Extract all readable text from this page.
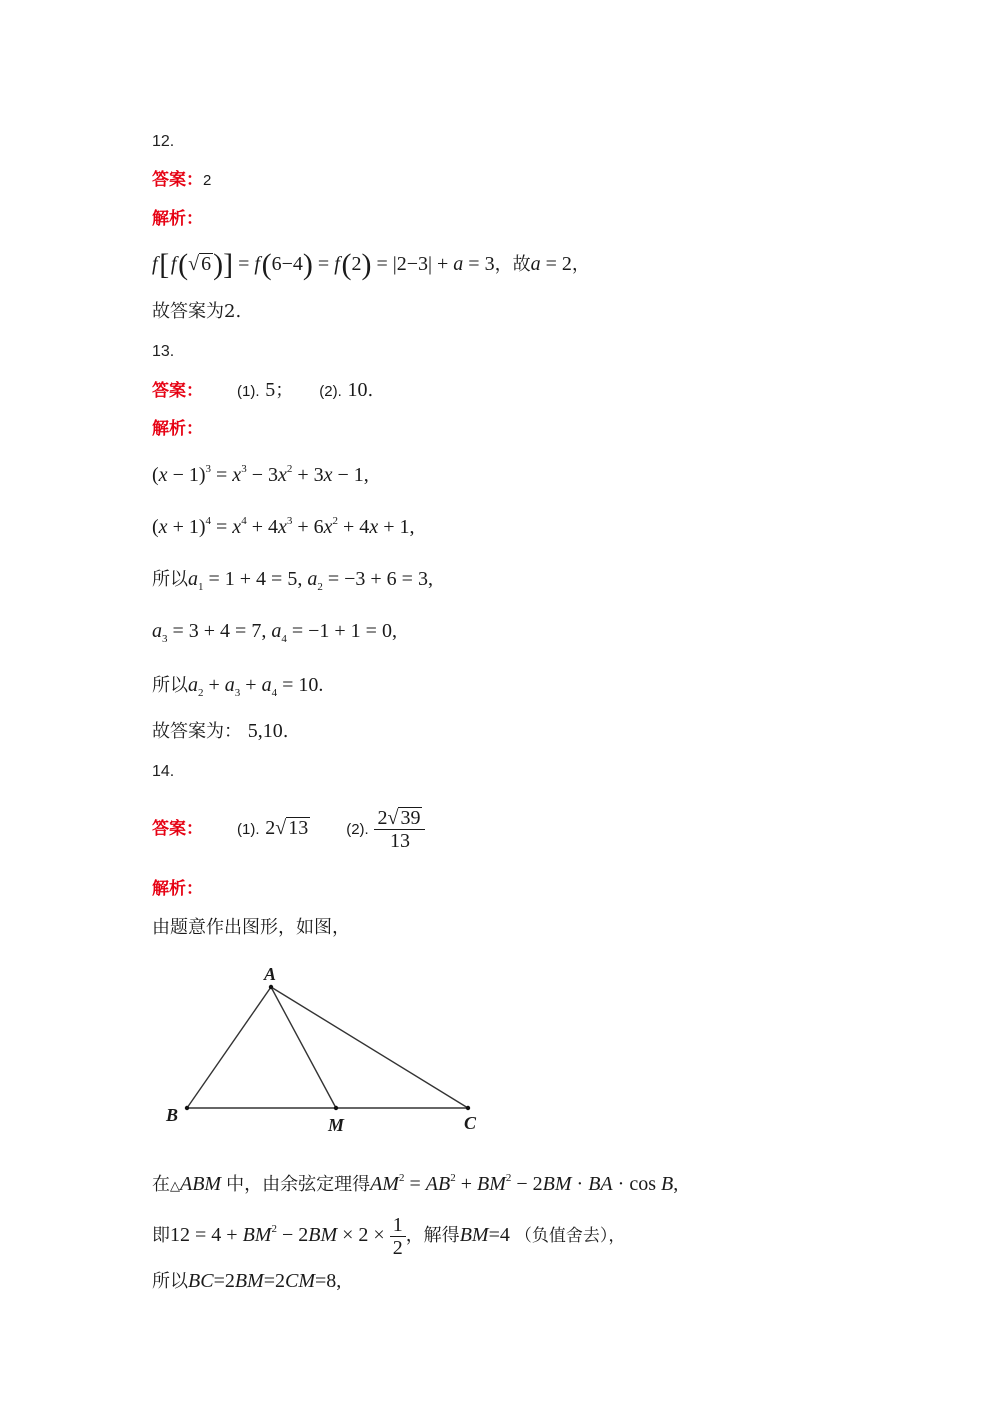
12.
答案：2
解析：
f [ f (√ 6)] = f (6−4) = f (2) = |2−3| + a = 3，故a = 2，
故答案为2.
13.
答案： (1). 5； (2). 10.
解析：
$(x - 1)^3 = x^3 - 3x^2 + 3x - 1$,
$(x + 1)^4 = x^4 + 4x^3 + 6x^2 + 4x + 1$,
所以$a_1 = 1 + 4 = 5$, $a_2 = -3 + 6 = 3$,
$a_3 = 3 + 4 = 7$, $a_4 = -1 + 1 = 0$,
所以$a_2 + a_3 + a_4 = 10$.
故答案为： 5,10.
14.
答案： (1). 2√ 13	(2). $\frac{2√ 39}{13}$
解析：
由题意作出图形，如图，
A
B	M	C
在△ABM 中，由余弦定理得$AM^2 = AB^2 + BM^2 - 2BM$ · BA · cos B,
即$12 = 4 + BM^2 - 2BM \times 2 \times \frac{1}{2}$ ，解得BM=4 （负值舍去），
所以BC=2BM=2CM=8,
